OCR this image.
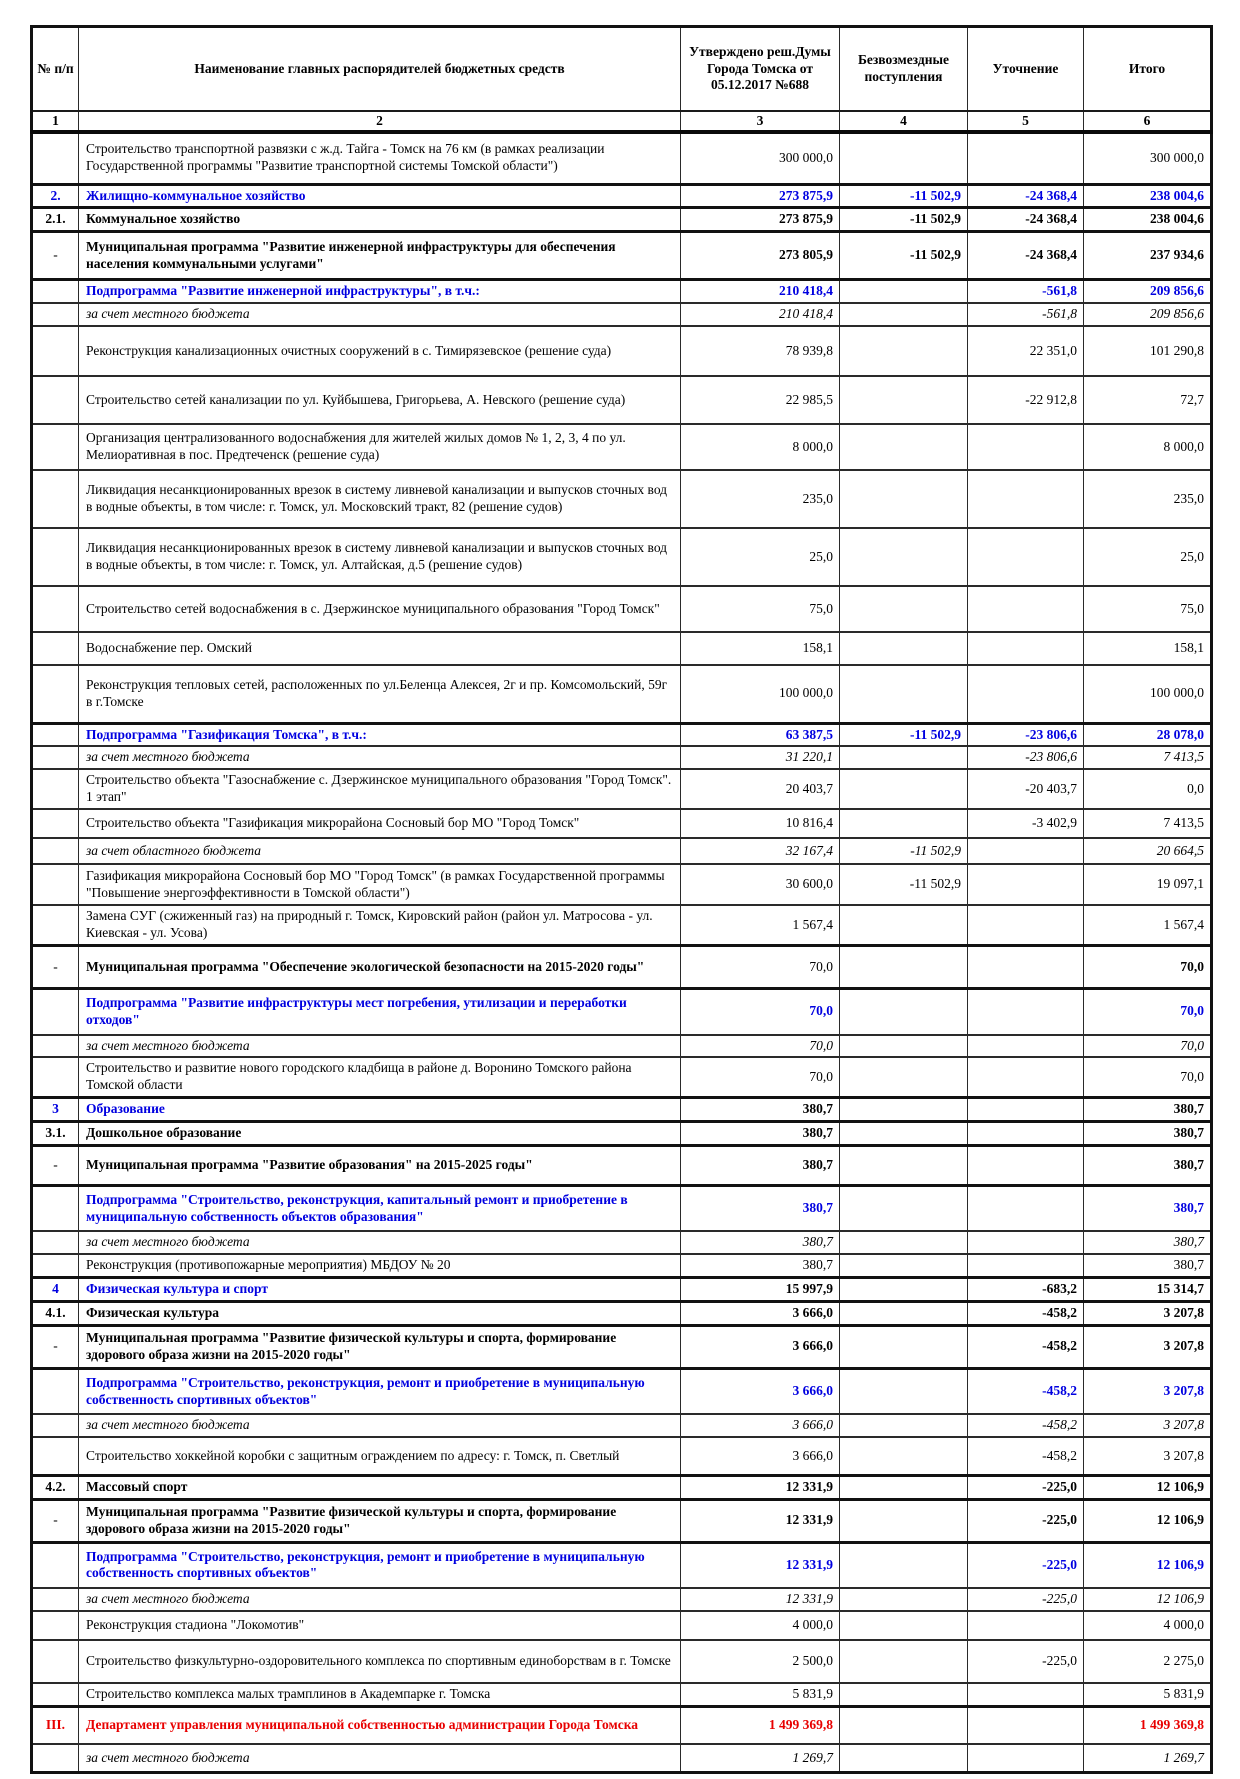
№ п/п	Наименование главных распорядителей бюджетных средств	Утверждено реш.Думы Города Томска от 05.12.2017 №688	Безвозмездные поступления	Уточнение	Итого
1	2	3	4	5	6
	Строительство транспортной развязки с ж.д. Тайга - Томск на 76 км (в рамках реализации Государственной программы "Развитие транспортной системы Томской области")	300 000,0			300 000,0
2.	Жилищно-коммунальное хозяйство	273 875,9	-11 502,9	-24 368,4	238 004,6
2.1.	Коммунальное хозяйство	273 875,9	-11 502,9	-24 368,4	238 004,6
-	Муниципальная программа "Развитие инженерной инфраструктуры для обеспечения населения коммунальными услугами"	273 805,9	-11 502,9	-24 368,4	237 934,6
	Подпрограмма "Развитие инженерной инфраструктуры", в т.ч.:	210 418,4		-561,8	209 856,6
	за счет местного бюджета	210 418,4		-561,8	209 856,6
	Реконструкция канализационных очистных сооружений в с. Тимирязевское (решение суда)	78 939,8		22 351,0	101 290,8
	Строительство сетей канализации по ул. Куйбышева, Григорьева, А. Невского (решение суда)	22 985,5		-22 912,8	72,7
	Организация централизованного водоснабжения для жителей жилых домов № 1, 2, 3, 4 по ул. Мелиоративная в пос. Предтеченск (решение суда)	8 000,0			8 000,0
	Ликвидация несанкционированных врезок в систему ливневой канализации и выпусков сточных вод в водные объекты, в том числе: г. Томск, ул. Московский тракт, 82 (решение судов)	235,0			235,0
	Ликвидация несанкционированных врезок в систему ливневой канализации и выпусков сточных вод в водные объекты, в том числе: г. Томск, ул. Алтайская, д.5 (решение судов)	25,0			25,0
	Строительство сетей водоснабжения в с. Дзержинское муниципального образования "Город Томск"	75,0			75,0
	Водоснабжение пер. Омский	158,1			158,1
	Реконструкция тепловых сетей, расположенных по ул.Беленца Алексея, 2г и пр. Комсомольский, 59г в г.Томске	100 000,0			100 000,0
	Подпрограмма "Газификация Томска", в т.ч.:	63 387,5	-11 502,9	-23 806,6	28 078,0
	за счет местного бюджета	31 220,1		-23 806,6	7 413,5
	Строительство объекта "Газоснабжение с. Дзержинское муниципального образования "Город Томск". 1 этап"	20 403,7		-20 403,7	0,0
	Строительство объекта "Газификация микрорайона Сосновый бор МО "Город Томск"	10 816,4		-3 402,9	7 413,5
	за счет областного бюджета	32 167,4	-11 502,9		20 664,5
	Газификация микрорайона Сосновый бор МО "Город Томск" (в рамках Государственной программы "Повышение энергоэффективности в Томской области")	30 600,0	-11 502,9		19 097,1
	Замена СУГ (сжиженный газ) на природный г. Томск, Кировский район (район ул. Матросова - ул. Киевская - ул. Усова)	1 567,4			1 567,4
-	Муниципальная программа "Обеспечение экологической безопасности на 2015-2020 годы"	70,0			70,0
	Подпрограмма "Развитие инфраструктуры мест погребения, утилизации и переработки отходов"	70,0			70,0
	за счет местного бюджета	70,0			70,0
	Строительство и развитие нового городского кладбища в районе д. Воронино Томского района Томской области	70,0			70,0
3	Образование	380,7			380,7
3.1.	Дошкольное образование	380,7			380,7
-	Муниципальная программа "Развитие образования" на 2015-2025 годы"	380,7			380,7
	Подпрограмма "Строительство, реконструкция, капитальный ремонт и приобретение в муниципальную собственность объектов образования"	380,7			380,7
	за счет местного бюджета	380,7			380,7
	Реконструкция (противопожарные мероприятия) МБДОУ № 20	380,7			380,7
4	Физическая культура и спорт	15 997,9		-683,2	15 314,7
4.1.	Физическая культура	3 666,0		-458,2	3 207,8
-	Муниципальная программа "Развитие физической культуры и спорта, формирование здорового образа жизни на 2015-2020 годы"	3 666,0		-458,2	3 207,8
	Подпрограмма "Строительство, реконструкция, ремонт и приобретение в муниципальную собственность спортивных объектов"	3 666,0		-458,2	3 207,8
	за счет местного бюджета	3 666,0		-458,2	3 207,8
	Строительство хоккейной коробки с защитным ограждением по адресу: г. Томск, п. Светлый	3 666,0		-458,2	3 207,8
4.2.	Массовый спорт	12 331,9		-225,0	12 106,9
-	Муниципальная программа "Развитие физической культуры и спорта, формирование здорового образа жизни на 2015-2020 годы"	12 331,9		-225,0	12 106,9
	Подпрограмма "Строительство, реконструкция, ремонт и приобретение в муниципальную собственность спортивных объектов"	12 331,9		-225,0	12 106,9
	за счет местного бюджета	12 331,9		-225,0	12 106,9
	Реконструкция стадиона "Локомотив"	4 000,0			4 000,0
	Строительство физкультурно-оздоровительного комплекса по спортивным единоборствам в г. Томске	2 500,0		-225,0	2 275,0
	Строительство комплекса малых трамплинов в Академпарке г. Томска	5 831,9			5 831,9
III.	Департамент управления муниципальной собственностью администрации Города Томска	1 499 369,8			1 499 369,8
	за счет местного бюджета	1 269,7			1 269,7
